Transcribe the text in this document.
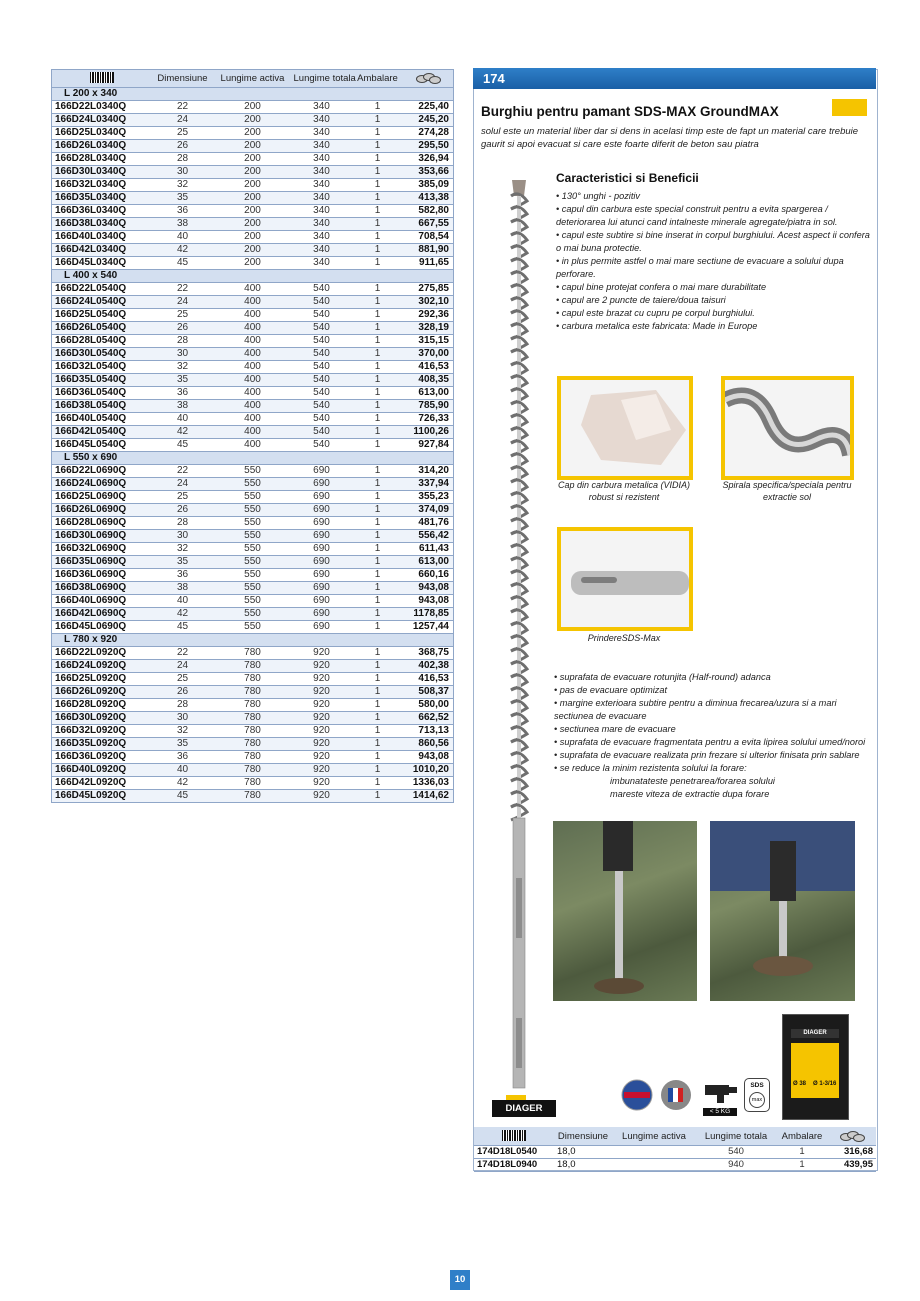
	Dimensiune	Lungime activa	Lungime totala	Ambalare	

L 200 x 340					
166D22L0340Q	22	200	340	1	225,40
166D24L0340Q	24	200	340	1	245,20
166D25L0340Q	25	200	340	1	274,28
166D26L0340Q	26	200	340	1	295,50
166D28L0340Q	28	200	340	1	326,94
166D30L0340Q	30	200	340	1	353,66
166D32L0340Q	32	200	340	1	385,09
166D35L0340Q	35	200	340	1	413,38
166D36L0340Q	36	200	340	1	582,80
166D38L0340Q	38	200	340	1	667,55
166D40L0340Q	40	200	340	1	708,54
166D42L0340Q	42	200	340	1	881,90
166D45L0340Q	45	200	340	1	911,65
L 400 x 540					
166D22L0540Q	22	400	540	1	275,85
166D24L0540Q	24	400	540	1	302,10
166D25L0540Q	25	400	540	1	292,36
166D26L0540Q	26	400	540	1	328,19
166D28L0540Q	28	400	540	1	315,15
166D30L0540Q	30	400	540	1	370,00
166D32L0540Q	32	400	540	1	416,53
166D35L0540Q	35	400	540	1	408,35
166D36L0540Q	36	400	540	1	613,00
166D38L0540Q	38	400	540	1	785,90
166D40L0540Q	40	400	540	1	726,33
166D42L0540Q	42	400	540	1	1100,26
166D45L0540Q	45	400	540	1	927,84
L 550 x 690					
166D22L0690Q	22	550	690	1	314,20
166D24L0690Q	24	550	690	1	337,94
166D25L0690Q	25	550	690	1	355,23
166D26L0690Q	26	550	690	1	374,09
166D28L0690Q	28	550	690	1	481,76
166D30L0690Q	30	550	690	1	556,42
166D32L0690Q	32	550	690	1	611,43
166D35L0690Q	35	550	690	1	613,00
166D36L0690Q	36	550	690	1	660,16
166D38L0690Q	38	550	690	1	943,08
166D40L0690Q	40	550	690	1	943,08
166D42L0690Q	42	550	690	1	1178,85
166D45L0690Q	45	550	690	1	1257,44
L 780 x 920					
166D22L0920Q	22	780	920	1	368,75
166D24L0920Q	24	780	920	1	402,38
166D25L0920Q	25	780	920	1	416,53
166D26L0920Q	26	780	920	1	508,37
166D28L0920Q	28	780	920	1	580,00
166D30L0920Q	30	780	920	1	662,52
166D32L0920Q	32	780	920	1	713,13
166D35L0920Q	35	780	920	1	860,56
166D36L0920Q	36	780	920	1	943,08
166D40L0920Q	40	780	920	1	1010,20
166D42L0920Q	42	780	920	1	1336,03
166D45L0920Q	45	780	920	1	1414,62
174
Burghiu pentru pamant SDS-MAX GroundMAX
solul este un material liber dar si dens in acelasi timp este de fapt un material care trebuie gaurit si apoi evacuat si care este foarte diferit de beton sau piatra
Caracteristici si Beneficii
• 130° unghi - pozitiv
• capul din carbura este special construit pentru a evita spargerea / deteriorarea lui atunci cand intalneste minerale agregate/piatra in sol.
• capul este subtire si bine inserat in corpul burghiului. Acest aspect ii confera o mai buna protectie.
• in plus permite astfel o mai mare sectiune de evacuare a solului dupa perforare.
• capul bine protejat confera o mai mare durabilitate
• capul are 2 puncte de taiere/doua taisuri
• capul este brazat cu cupru pe corpul burghiului.
• carbura metalica este fabricata: Made in Europe
Cap din carbura metalica (VIDIA) robust si rezistent
Spirala specifica/speciala pentru extractie sol
PrindereSDS-Max
• suprafata de evacuare rotunjita (Half-round) adanca
• pas de evacuare optimizat
• margine exterioara subtire pentru a diminua frecarea/uzura si a mari sectiunea de evacuare
• sectiunea mare de evacuare
• suprafata de evacuare fragmentata pentru a evita lipirea solului umed/noroi
• suprafata de evacuare realizata prin frezare si ulterior finisata prin sablare
• se reduce la minim rezistenta solului la forare:
imbunatateste penetrarea/forarea solului
mareste viteza de extractie dupa forare
DIAGER
Ø 38 Ø 1-3/16
DIAGER	< 5 KG
SDS
max
	Dimensiune	Lungime activa	Lungime totala	Ambalare	

174D18L0540	18,0		540	1	316,68
174D18L0940	18,0		940	1	439,95
10
